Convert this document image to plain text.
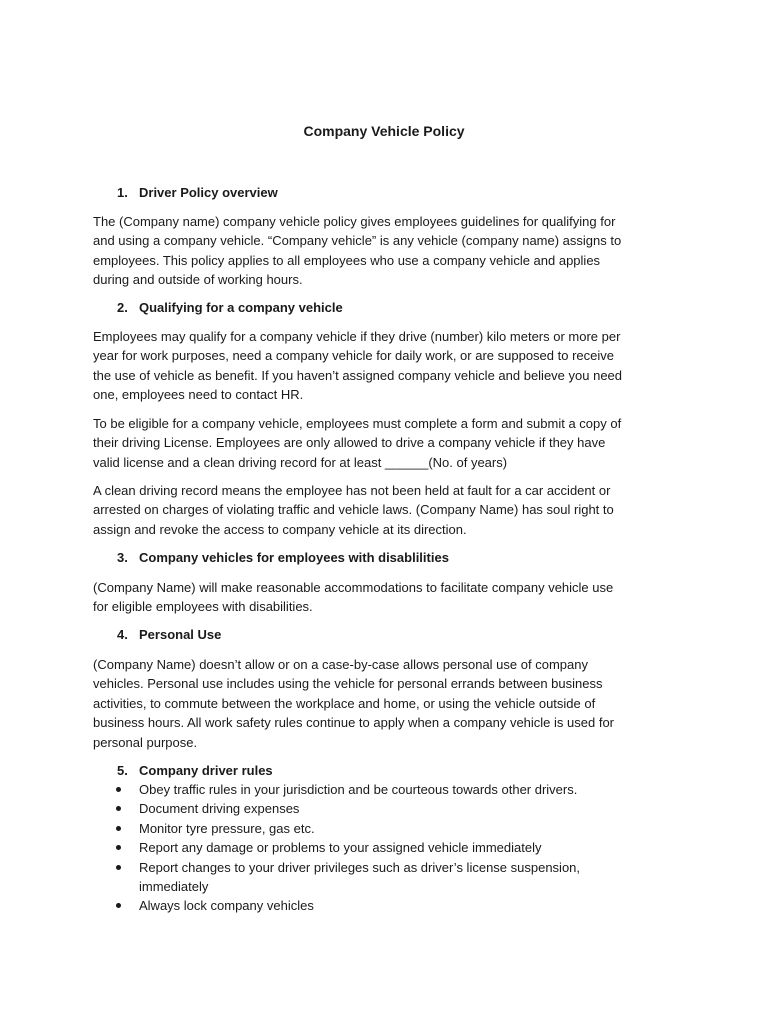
Company Vehicle Policy
1. Driver Policy overview

The (Company name) company vehicle policy gives employees guidelines for qualifying for
and using a company vehicle. “Company vehicle” is any vehicle (company name) assigns to
employees. This policy applies to all employees who use a company vehicle and applies
during and outside of working hours.

2. Qualifying for a company vehicle

Employees may qualify for a company vehicle if they drive (number) kilo meters or more per
year for work purposes, need a company vehicle for daily work, or are supposed to receive
the use of vehicle as benefit. If you haven’t assigned company vehicle and believe you need
one, employees need to contact HR.

To be eligible for a company vehicle, employees must complete a form and submit a copy of
their driving License. Employees are only allowed to drive a company vehicle if they have
valid license and a clean driving record for at least ______(No. of years)

A clean driving record means the employee has not been held at fault for a car accident or
arrested on charges of violating traffic and vehicle laws. (Company Name) has soul right to
assign and revoke the access to company vehicle at its direction.

3. Company vehicles for employees with disablilities

(Company Name) will make reasonable accommodations to facilitate company vehicle use
for eligible employees with disabilities.

4. Personal Use

(Company Name) doesn’t allow or on a case-by-case allows personal use of company
vehicles. Personal use includes using the vehicle for personal errands between business
activities, to commute between the workplace and home, or using the vehicle outside of
business hours. All work safety rules continue to apply when a company vehicle is used for
personal purpose.

5. Company driver rules
Obey traffic rules in your jurisdiction and be courteous towards other drivers.
Document driving expenses
Monitor tyre pressure, gas etc.
Report any damage or problems to your assigned vehicle immediately
Report changes to your driver privileges such as driver’s license suspension,
immediately
Always lock company vehicles
